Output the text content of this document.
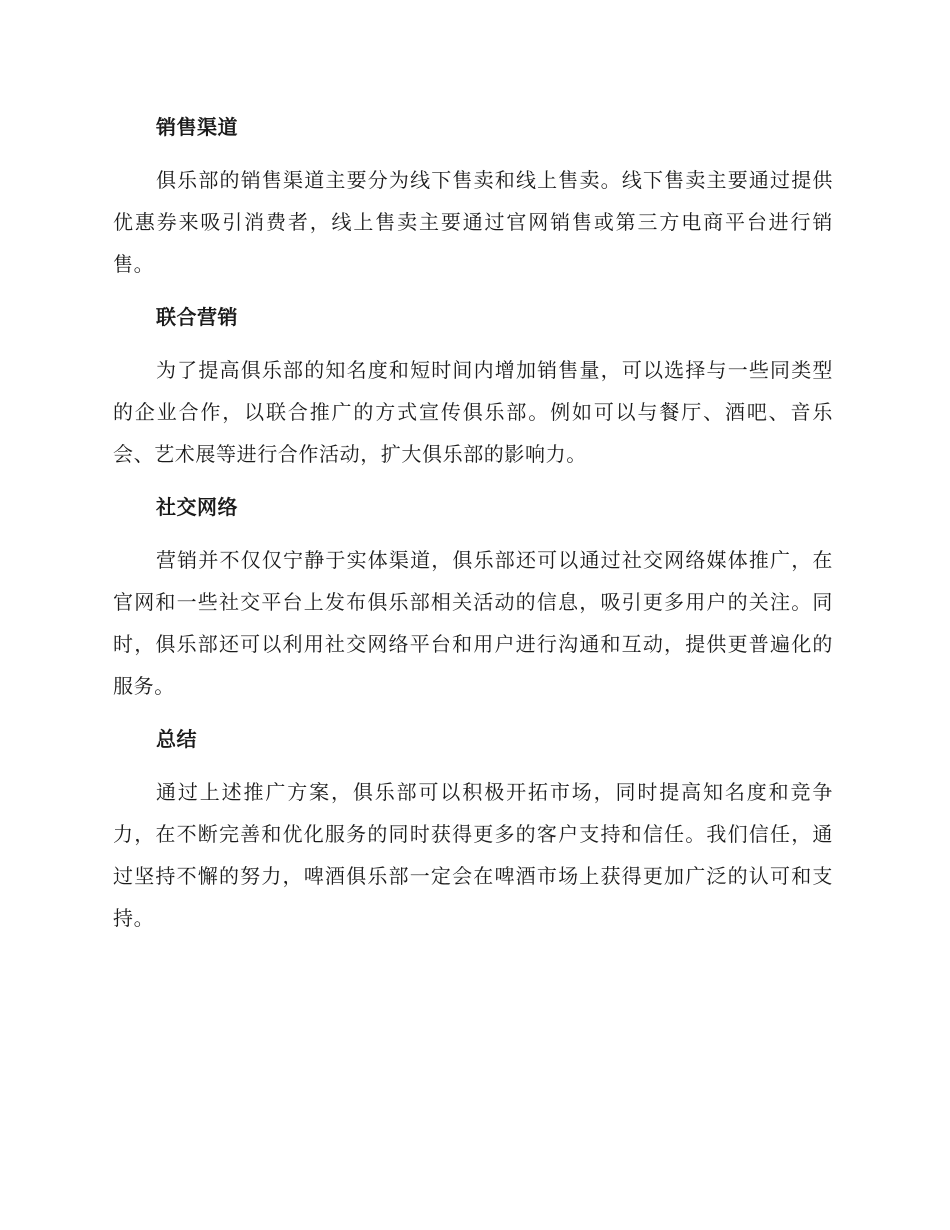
销售渠道

俱乐部的销售渠道主要分为线下售卖和线上售卖。线下售卖主要通过提供优惠券来吸引消费者，线上售卖主要通过官网销售或第三方电商平台进行销售。

联合营销

为了提高俱乐部的知名度和短时间内增加销售量，可以选择与一些同类型的企业合作，以联合推广的方式宣传俱乐部。例如可以与餐厅、酒吧、音乐会、艺术展等进行合作活动，扩大俱乐部的影响力。

社交网络

营销并不仅仅宁静于实体渠道，俱乐部还可以通过社交网络媒体推广，在官网和一些社交平台上发布俱乐部相关活动的信息，吸引更多用户的关注。同时，俱乐部还可以利用社交网络平台和用户进行沟通和互动，提供更普遍化的服务。

总结

通过上述推广方案，俱乐部可以积极开拓市场，同时提高知名度和竞争力，在不断完善和优化服务的同时获得更多的客户支持和信任。我们信任，通过坚持不懈的努力，啤酒俱乐部一定会在啤酒市场上获得更加广泛的认可和支持。
